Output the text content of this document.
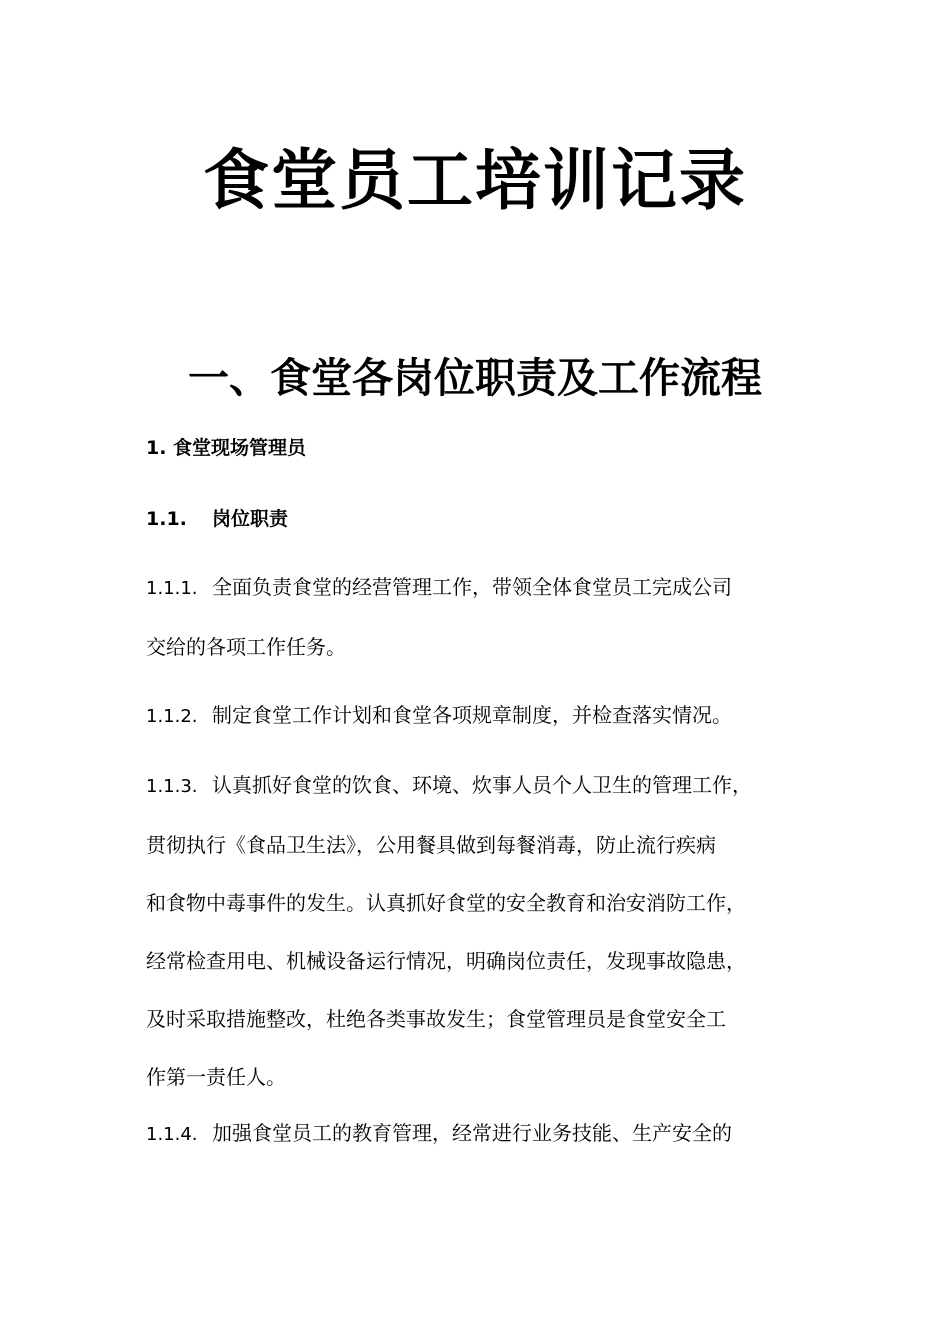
食堂员工培训记录
一、食堂各岗位职责及工作流程
1. 食堂现场管理员
1.1. 岗位职责

1.1.1. 全面负责食堂的经营管理工作，带领全体食堂员工完成公司

交给的各项工作任务。

1.1.2. 制定食堂工作计划和食堂各项规章制度，并检查落实情况。

1.1.3. 认真抓好食堂的饮食、环境、炊事人员个人卫生的管理工作，

贯彻执行《食品卫生法》，公用餐具做到每餐消毒，防止流行疾病

和食物中毒事件的发生。认真抓好食堂的安全教育和治安消防工作，

经常检查用电、机械设备运行情况，明确岗位责任，发现事故隐患，

及时采取措施整改，杜绝各类事故发生；食堂管理员是食堂安全工

作第一责任人。

1.1.4. 加强食堂员工的教育管理，经常进行业务技能、生产安全的
